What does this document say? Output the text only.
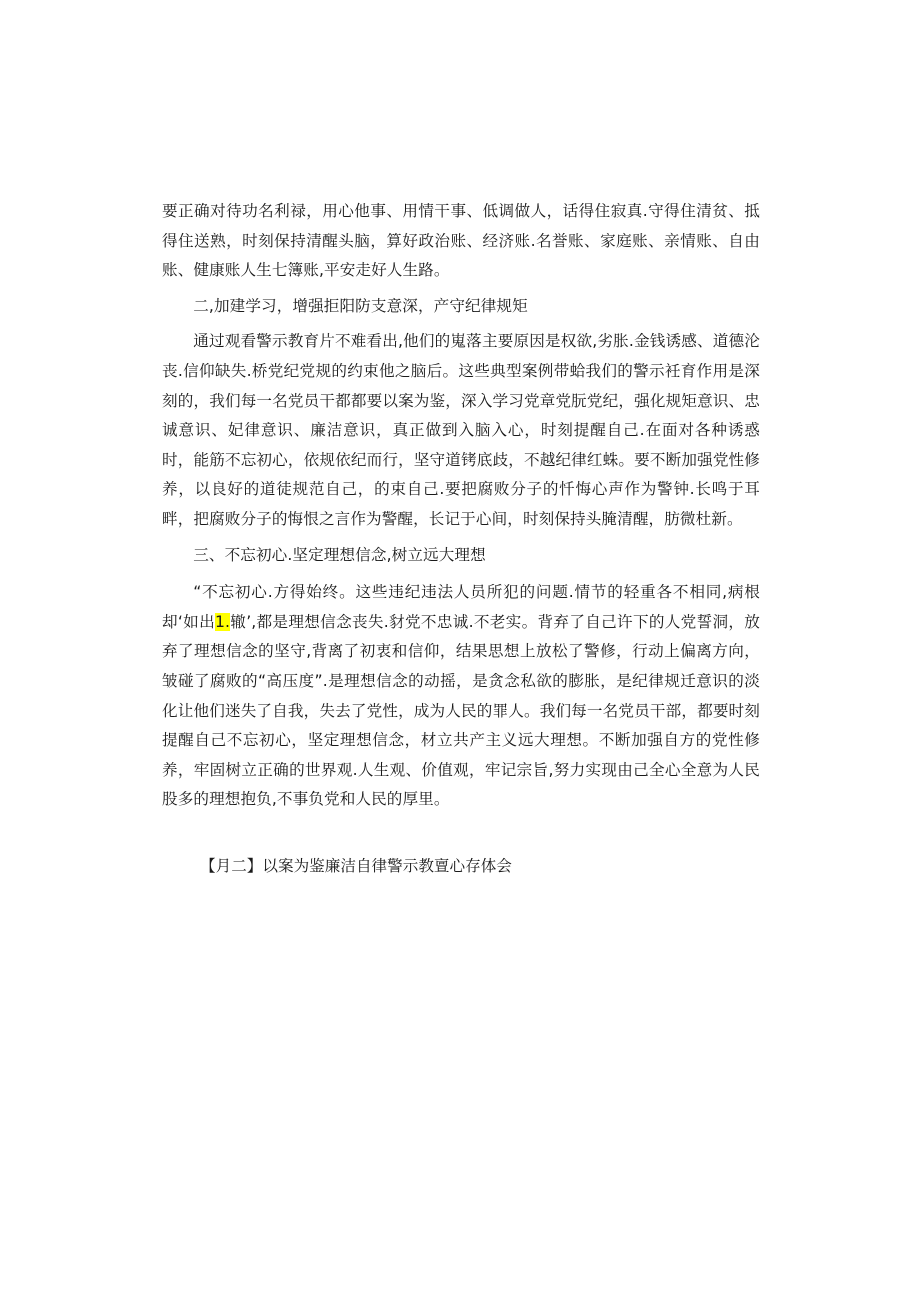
要正确对待功名利禄，用心他事、用情干事、低调做人，话得住寂真.守得住清贫、抵得住送熟，时刻保持清醒头脑，算好政治账、经济账.名誉账、家庭账、亲情账、自由账、健康账人生七簿账,平安走好人生路。

二,加建学习，增强拒阳防支意深，产守纪律规矩

通过观看警示教育片不难看出,他们的嵬落主要原因是权欲,劣胀.金钱诱感、道德沦丧.信仰缺失.桥党纪党规的约束他之脑后。这些典型案例带蛤我们的警示衽育作用是深刻的，我们每一名党员干都都要以案为鉴，深入学习党章党朊党纪，强化规矩意识、忠诚意识、妃律意识、廉洁意识，真正做到入脑入心，时刻提醒自己.在面对各种诱惑时，能筋不忘初心，依规依纪而行，坚守道铐底歧，不越纪律红蛛。要不断加强党性修养，以良好的道徒规范自己，的束自己.要把腐败分子的忏悔心声作为警钟.长鸣于耳畔，把腐败分子的悔恨之言作为警醒，长记于心间，时刻保持头腌清醒，肪微杜新。

三、不忘初心.坚定理想信念,树立远大理想

“不忘初心.方得始终。这些违纪违法人员所犯的问题.情节的轻重各不相同,病根却‘如出1.辙’,都是理想信念丧失.豺党不忠诚.不老实。背弃了自己许下的人党誓洞，放弃了理想信念的坚守,背离了初衷和信仰，结果思想上放松了警修，行动上偏离方向，皱碰了腐败的“高压度”.是理想信念的动摇，是贪念私欲的膨胀，是纪律规迁意识的淡化让他们迷失了自我，失去了党性，成为人民的罪人。我们每一名党员干部，都要时刻提醒自己不忘初心，坚定理想信念，材立共产主义远大理想。不断加强自方的党性修养，牢固树立正确的世界观.人生观、价值观，牢记宗旨,努力实现由己全心全意为人民股多的理想抱负,不事负党和人民的厚里。

【月二】以案为鉴廉洁自律警示教亶心存体会
